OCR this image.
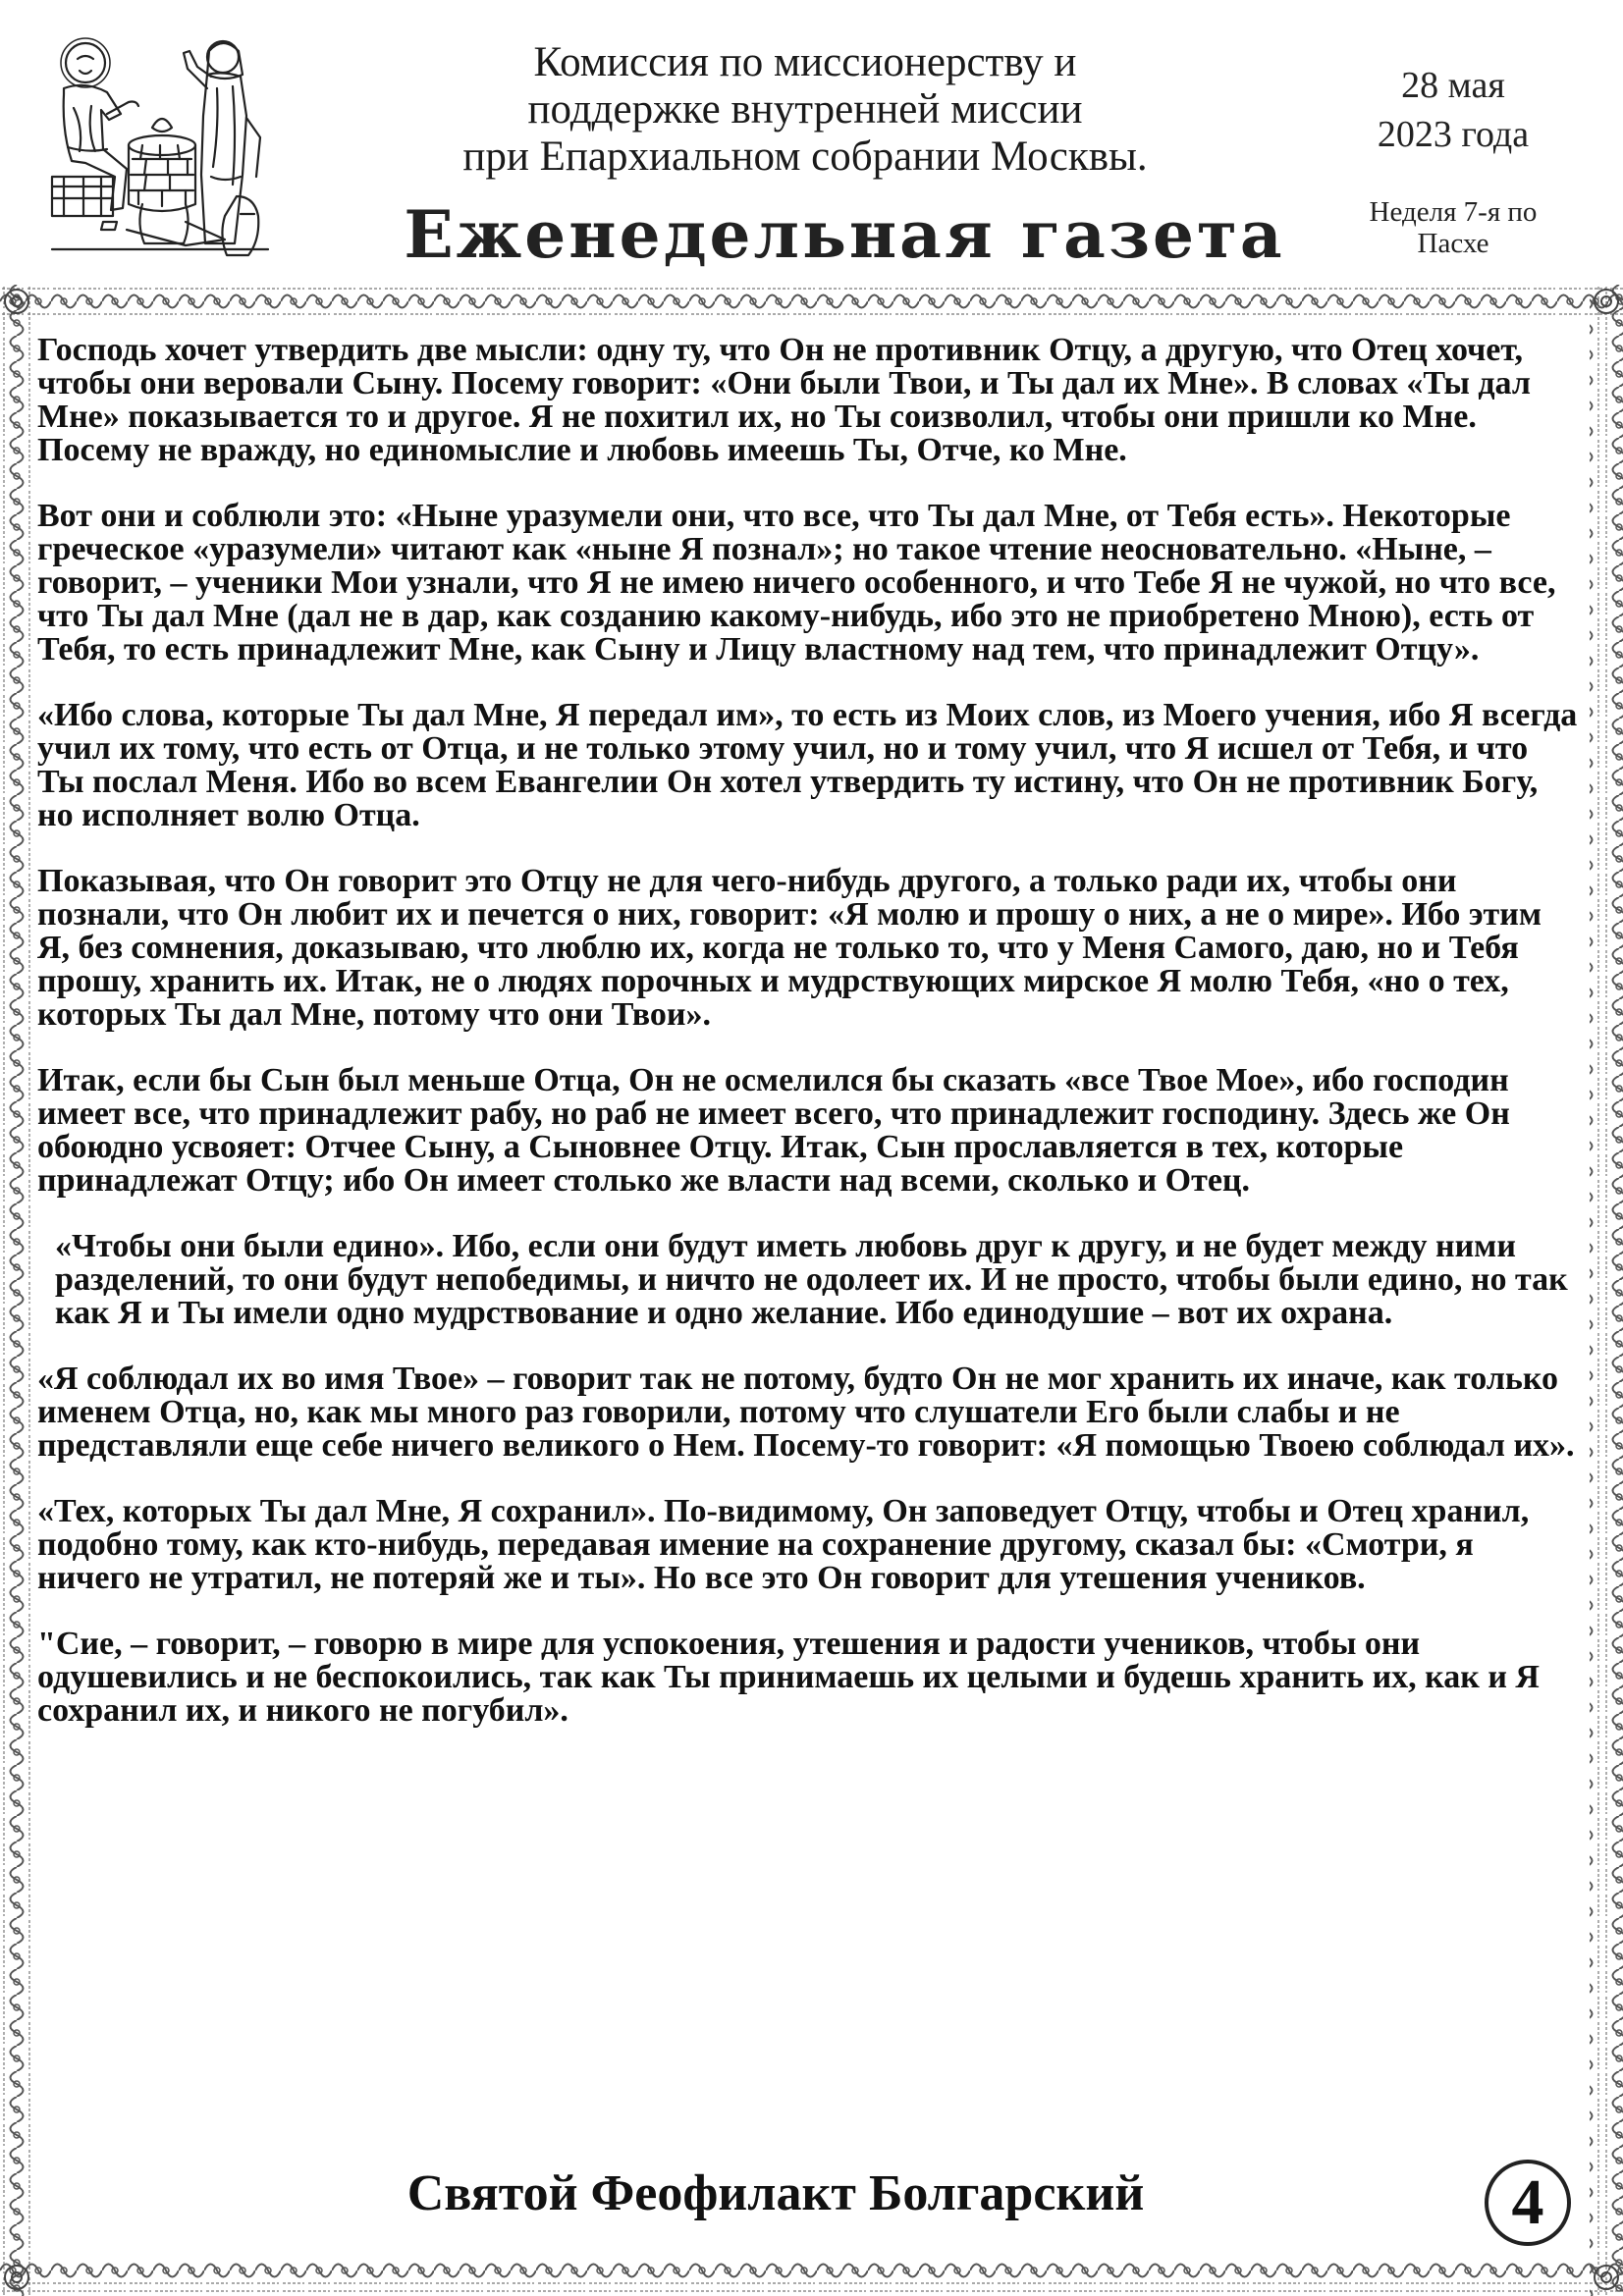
Комиссия по миссионерству и
поддержке внутренней миссии
при Епархиальном собрании Москвы.
Еженедельная газета
28 мая
2023 года
Неделя 7-я по
Пасхе

Господь хочет утвердить две мысли: одну ту, что Он не противник Отцу, а другую, что Отец хочет, чтобы они веровали Сыну. Посему говорит: «Они были Твои, и Ты дал их Мне». В словах «Ты дал Мне» показывается то и другое. Я не похитил их, но Ты соизволил, чтобы они пришли ко Мне. Посему не вражду, но единомыслие и любовь имеешь Ты, Отче, ко Мне.

Вот они и соблюли это: «Ныне уразумели они, что все, что Ты дал Мне, от Тебя есть». Некоторые греческое «уразумели» читают как «ныне Я познал»; но такое чтение неосновательно. «Ныне, – говорит, – ученики Мои узнали, что Я не имею ничего особенного, и что Тебе Я не чужой, но что все, что Ты дал Мне (дал не в дар, как созданию какому-нибудь, ибо это не приобретено Мною), есть от Тебя, то есть принадлежит Мне, как Сыну и Лицу властному над тем, что принадлежит Отцу».

«Ибо слова, которые Ты дал Мне, Я передал им», то есть из Моих слов, из Моего учения, ибо Я всегда учил их тому, что есть от Отца, и не только этому учил, но и тому учил, что Я исшел от Тебя, и что Ты послал Меня. Ибо во всем Евангелии Он хотел утвердить ту истину, что Он не противник Богу, но исполняет волю Отца.

Показывая, что Он говорит это Отцу не для чего-нибудь другого, а только ради их, чтобы они познали, что Он любит их и печется о них, говорит: «Я молю и прошу о них, а не о мире». Ибо этим Я, без сомнения, доказываю, что люблю их, когда не только то, что у Меня Самого, даю, но и Тебя прошу, хранить их. Итак, не о людях порочных и мудрствующих мирское Я молю Тебя, «но о тех, которых Ты дал Мне, потому что они Твои».

Итак, если бы Сын был меньше Отца, Он не осмелился бы сказать «все Твое Мое», ибо господин имеет все, что принадлежит рабу, но раб не имеет всего, что принадлежит господину. Здесь же Он обоюдно усвояет: Отчее Сыну, а Сыновнее Отцу. Итак, Сын прославляется в тех, которые принадлежат Отцу; ибо Он имеет столько же власти над всеми, сколько и Отец.

«Чтобы они были едино». Ибо, если они будут иметь любовь друг к другу, и не будет между ними разделений, то они будут непобедимы, и ничто не одолеет их. И не просто, чтобы были едино, но так как Я и Ты имели одно мудрствование и одно желание. Ибо единодушие – вот их охрана.

«Я соблюдал их во имя Твое» – говорит так не потому, будто Он не мог хранить их иначе, как только именем Отца, но, как мы много раз говорили, потому что слушатели Его были слабы и не представляли еще себе ничего великого о Нем. Посему-то говорит: «Я помощью Твоею соблюдал их».

«Тех, которых Ты дал Мне, Я сохранил». По-видимому, Он заповедует Отцу, чтобы и Отец хранил, подобно тому, как кто-нибудь, передавая имение на сохранение другому, сказал бы: «Смотри, я ничего не утратил, не потеряй же и ты». Но все это Он говорит для утешения учеников.

"Сие, – говорит, – говорю в мире для успокоения, утешения и радости учеников, чтобы они одушевились и не беспокоились, так как Ты принимаешь их целыми и будешь хранить их, как и Я сохранил их, и никого не погубил».

Святой Феофилакт Болгарский	4
